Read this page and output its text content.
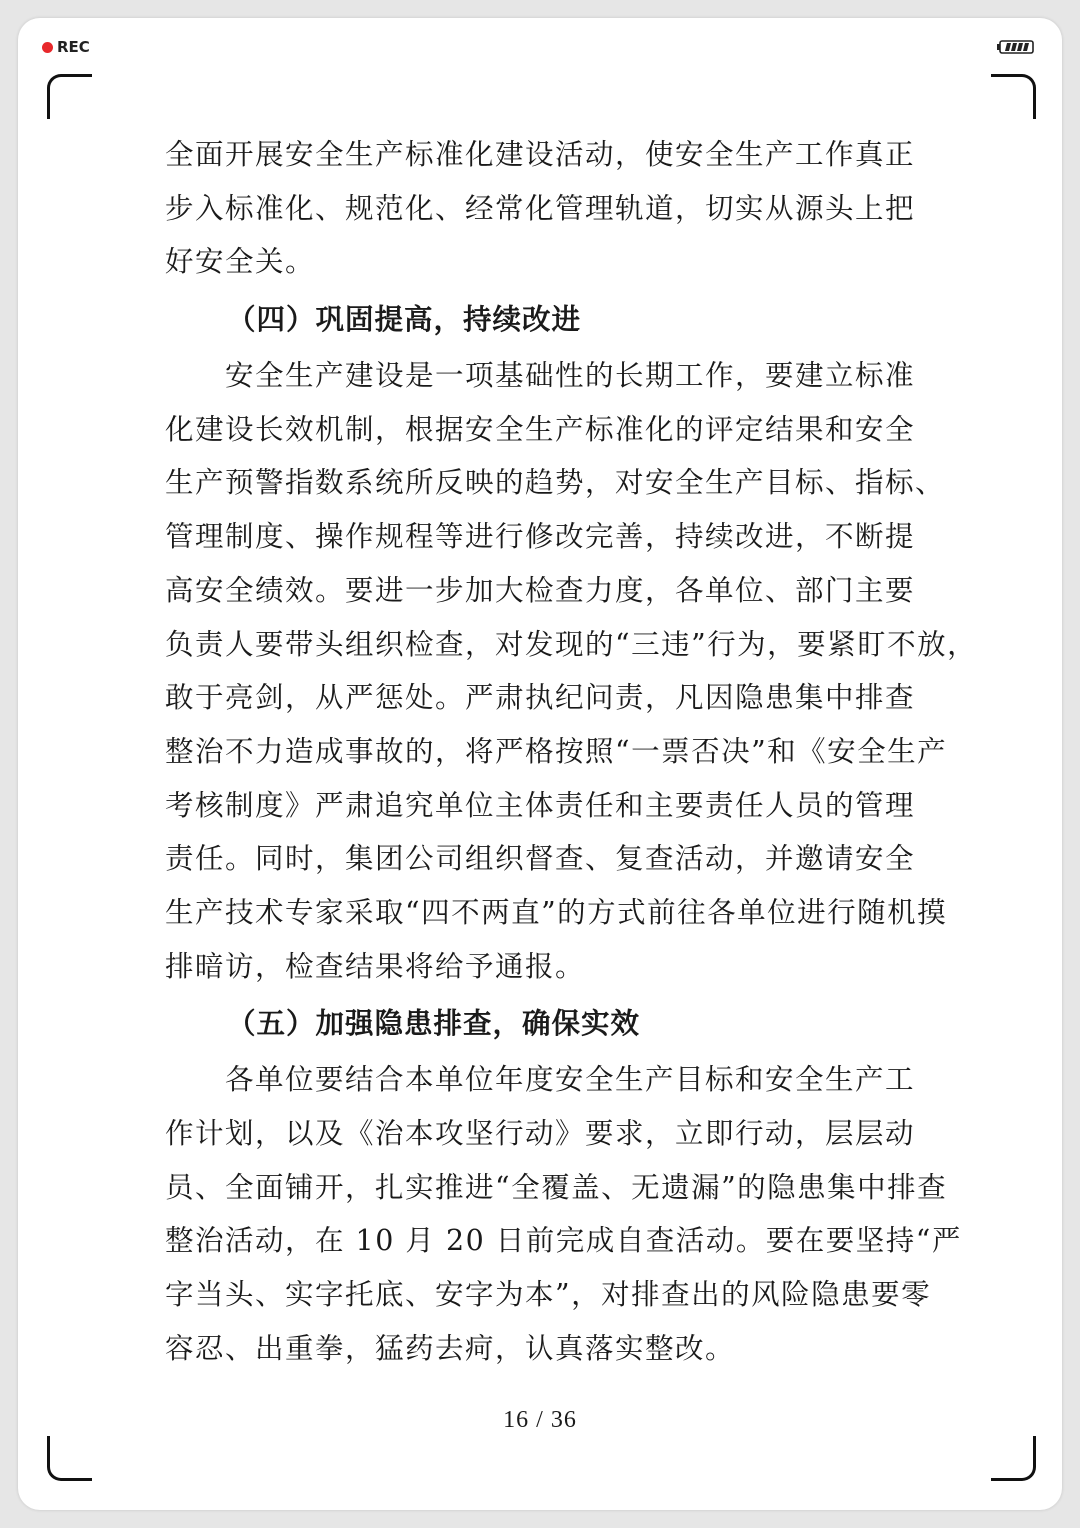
REC
全面开展安全生产标准化建设活动，使安全生产工作真正
步入标准化、规范化、经常化管理轨道，切实从源头上把
好安全关。
（四）巩固提高，持续改进
　　安全生产建设是一项基础性的长期工作，要建立标准
化建设长效机制，根据安全生产标准化的评定结果和安全
生产预警指数系统所反映的趋势，对安全生产目标、指标、
管理制度、操作规程等进行修改完善，持续改进，不断提
高安全绩效。要进一步加大检查力度，各单位、部门主要
负责人要带头组织检查，对发现的“三违”行为，要紧盯不放，
敢于亮剑，从严惩处。严肃执纪问责，凡因隐患集中排查
整治不力造成事故的，将严格按照“一票否决”和《安全生产
考核制度》严肃追究单位主体责任和主要责任人员的管理
责任。同时，集团公司组织督查、复查活动，并邀请安全
生产技术专家采取“四不两直”的方式前往各单位进行随机摸
排暗访，检查结果将给予通报。
（五）加强隐患排查，确保实效
　　各单位要结合本单位年度安全生产目标和安全生产工
作计划，以及《治本攻坚行动》要求，立即行动，层层动
员、全面铺开，扎实推进“全覆盖、无遗漏”的隐患集中排查
整治活动，在 10 月 20 日前完成自查活动。要在要坚持“严
字当头、实字托底、安字为本”，对排查出的风险隐患要零
容忍、出重拳，猛药去疴，认真落实整改。
16 / 36
